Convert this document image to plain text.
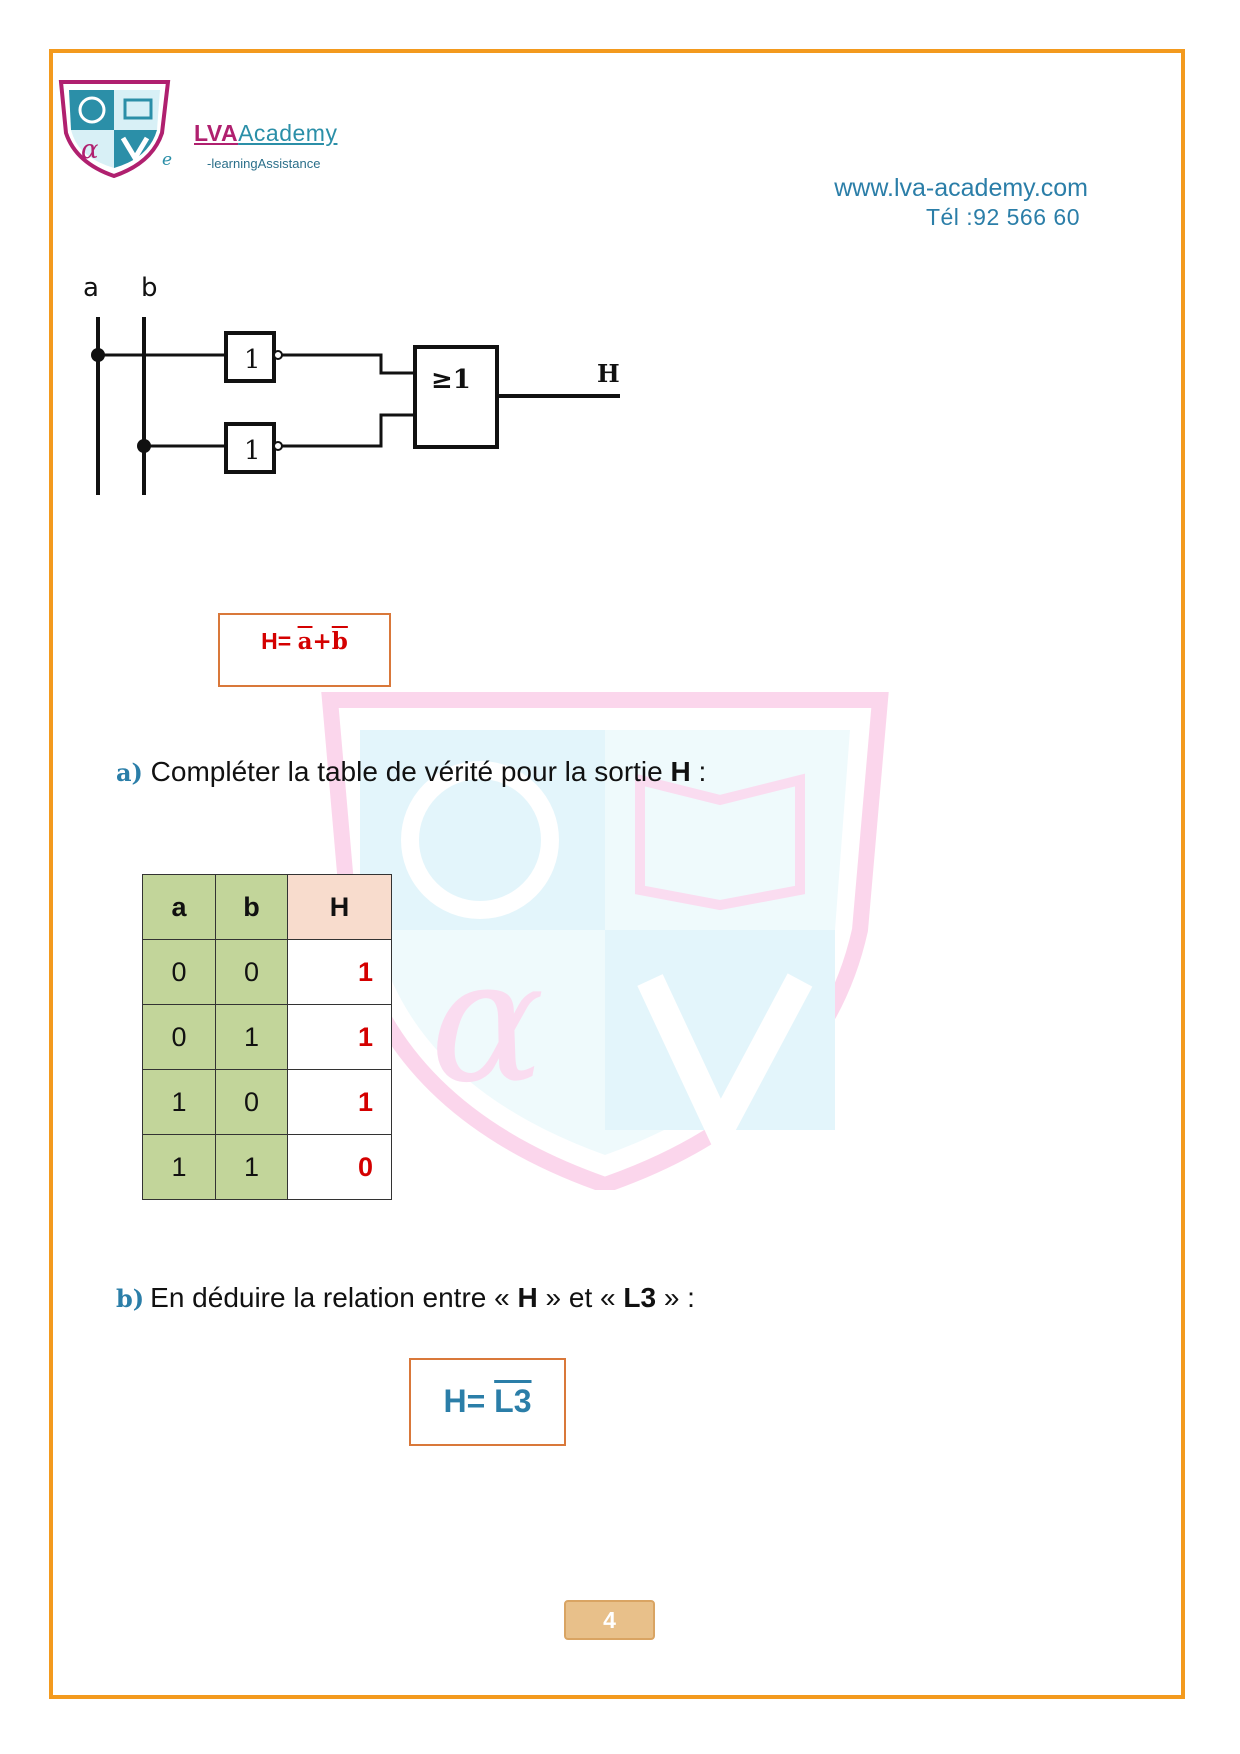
α
α
LVAAcademy
e	-learningAssistance
www.lva-academy.com
Tél :92 566 60
a b
1
1
≥1	H
$H= \overline{a}+\overline{b}$
a) Compléter la table de vérité pour la sortie H :
a	b	H
0	0	1
0	1	1
1	0	1
1	1	0
b) En déduire la relation entre « H » et « L3 » :
H= L3
4
